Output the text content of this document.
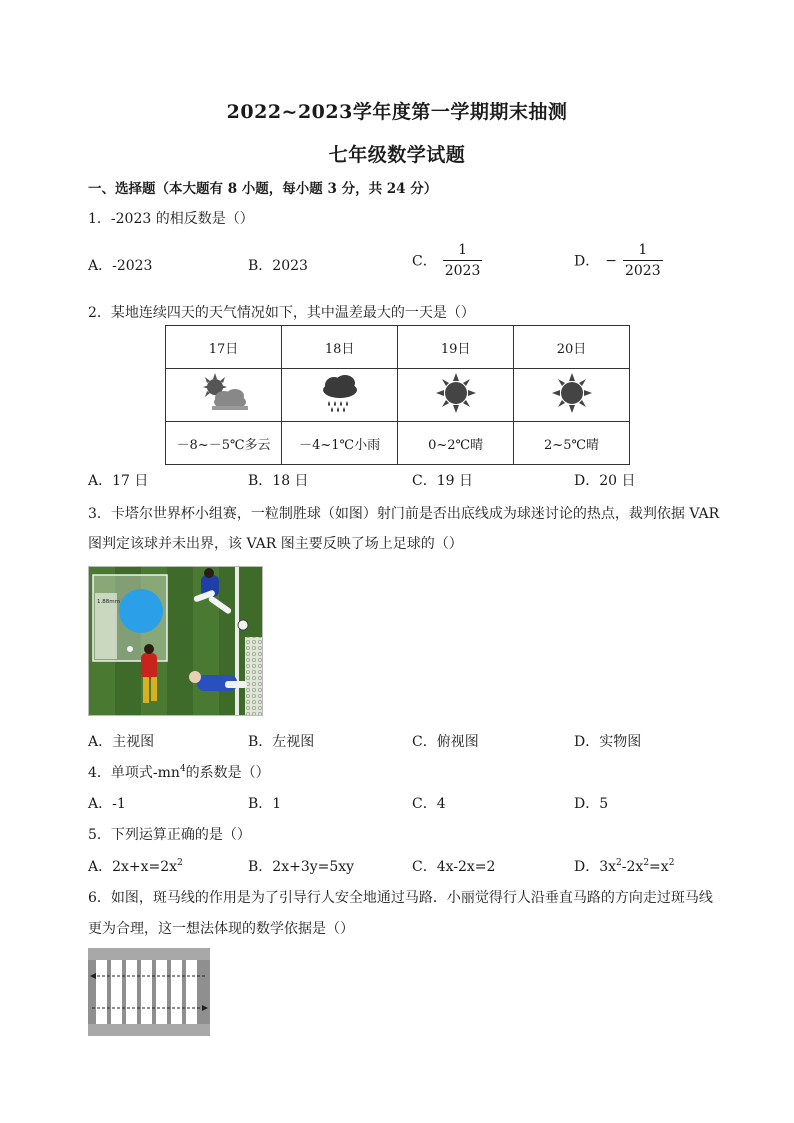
2022~2023学年度第一学期期末抽测
七年级数学试题
一、选择题（本大题有 8 小题，每小题 3 分，共 24 分）
1．-2023 的相反数是（）
A．-2023	B．2023	C． $\frac{1}{2023}$	D． − $\frac{1}{2023}$
2．某地连续四天的天气情况如下，其中温差最大的一天是（）
17日	18日	19日	20日

－8~－5℃多云	－4~1℃小雨	0~2℃晴	2~5℃晴
A．17 日	B．18 日	C．19 日	D．20 日
3．卡塔尔世界杯小组赛，一粒制胜球（如图）射门前是否出底线成为球迷讨论的热点，裁判依据 VAR
图判定该球并未出界，该 VAR 图主要反映了场上足球的（）
1.88mm
A．主视图	B．左视图	C．俯视图	D．实物图
4．单项式$-mn^4$的系数是（）
A．-1	B．1	C．4	D．5
5．下列运算正确的是（）
A．$2x+x=2x^2$	B．2x+3y=5xy	C．4x-2x=2	D．$3x^2-2x^2=x^2$
6．如图，斑马线的作用是为了引导行人安全地通过马路．小丽觉得行人沿垂直马路的方向走过斑马线
更为合理，这一想法体现的数学依据是（）
